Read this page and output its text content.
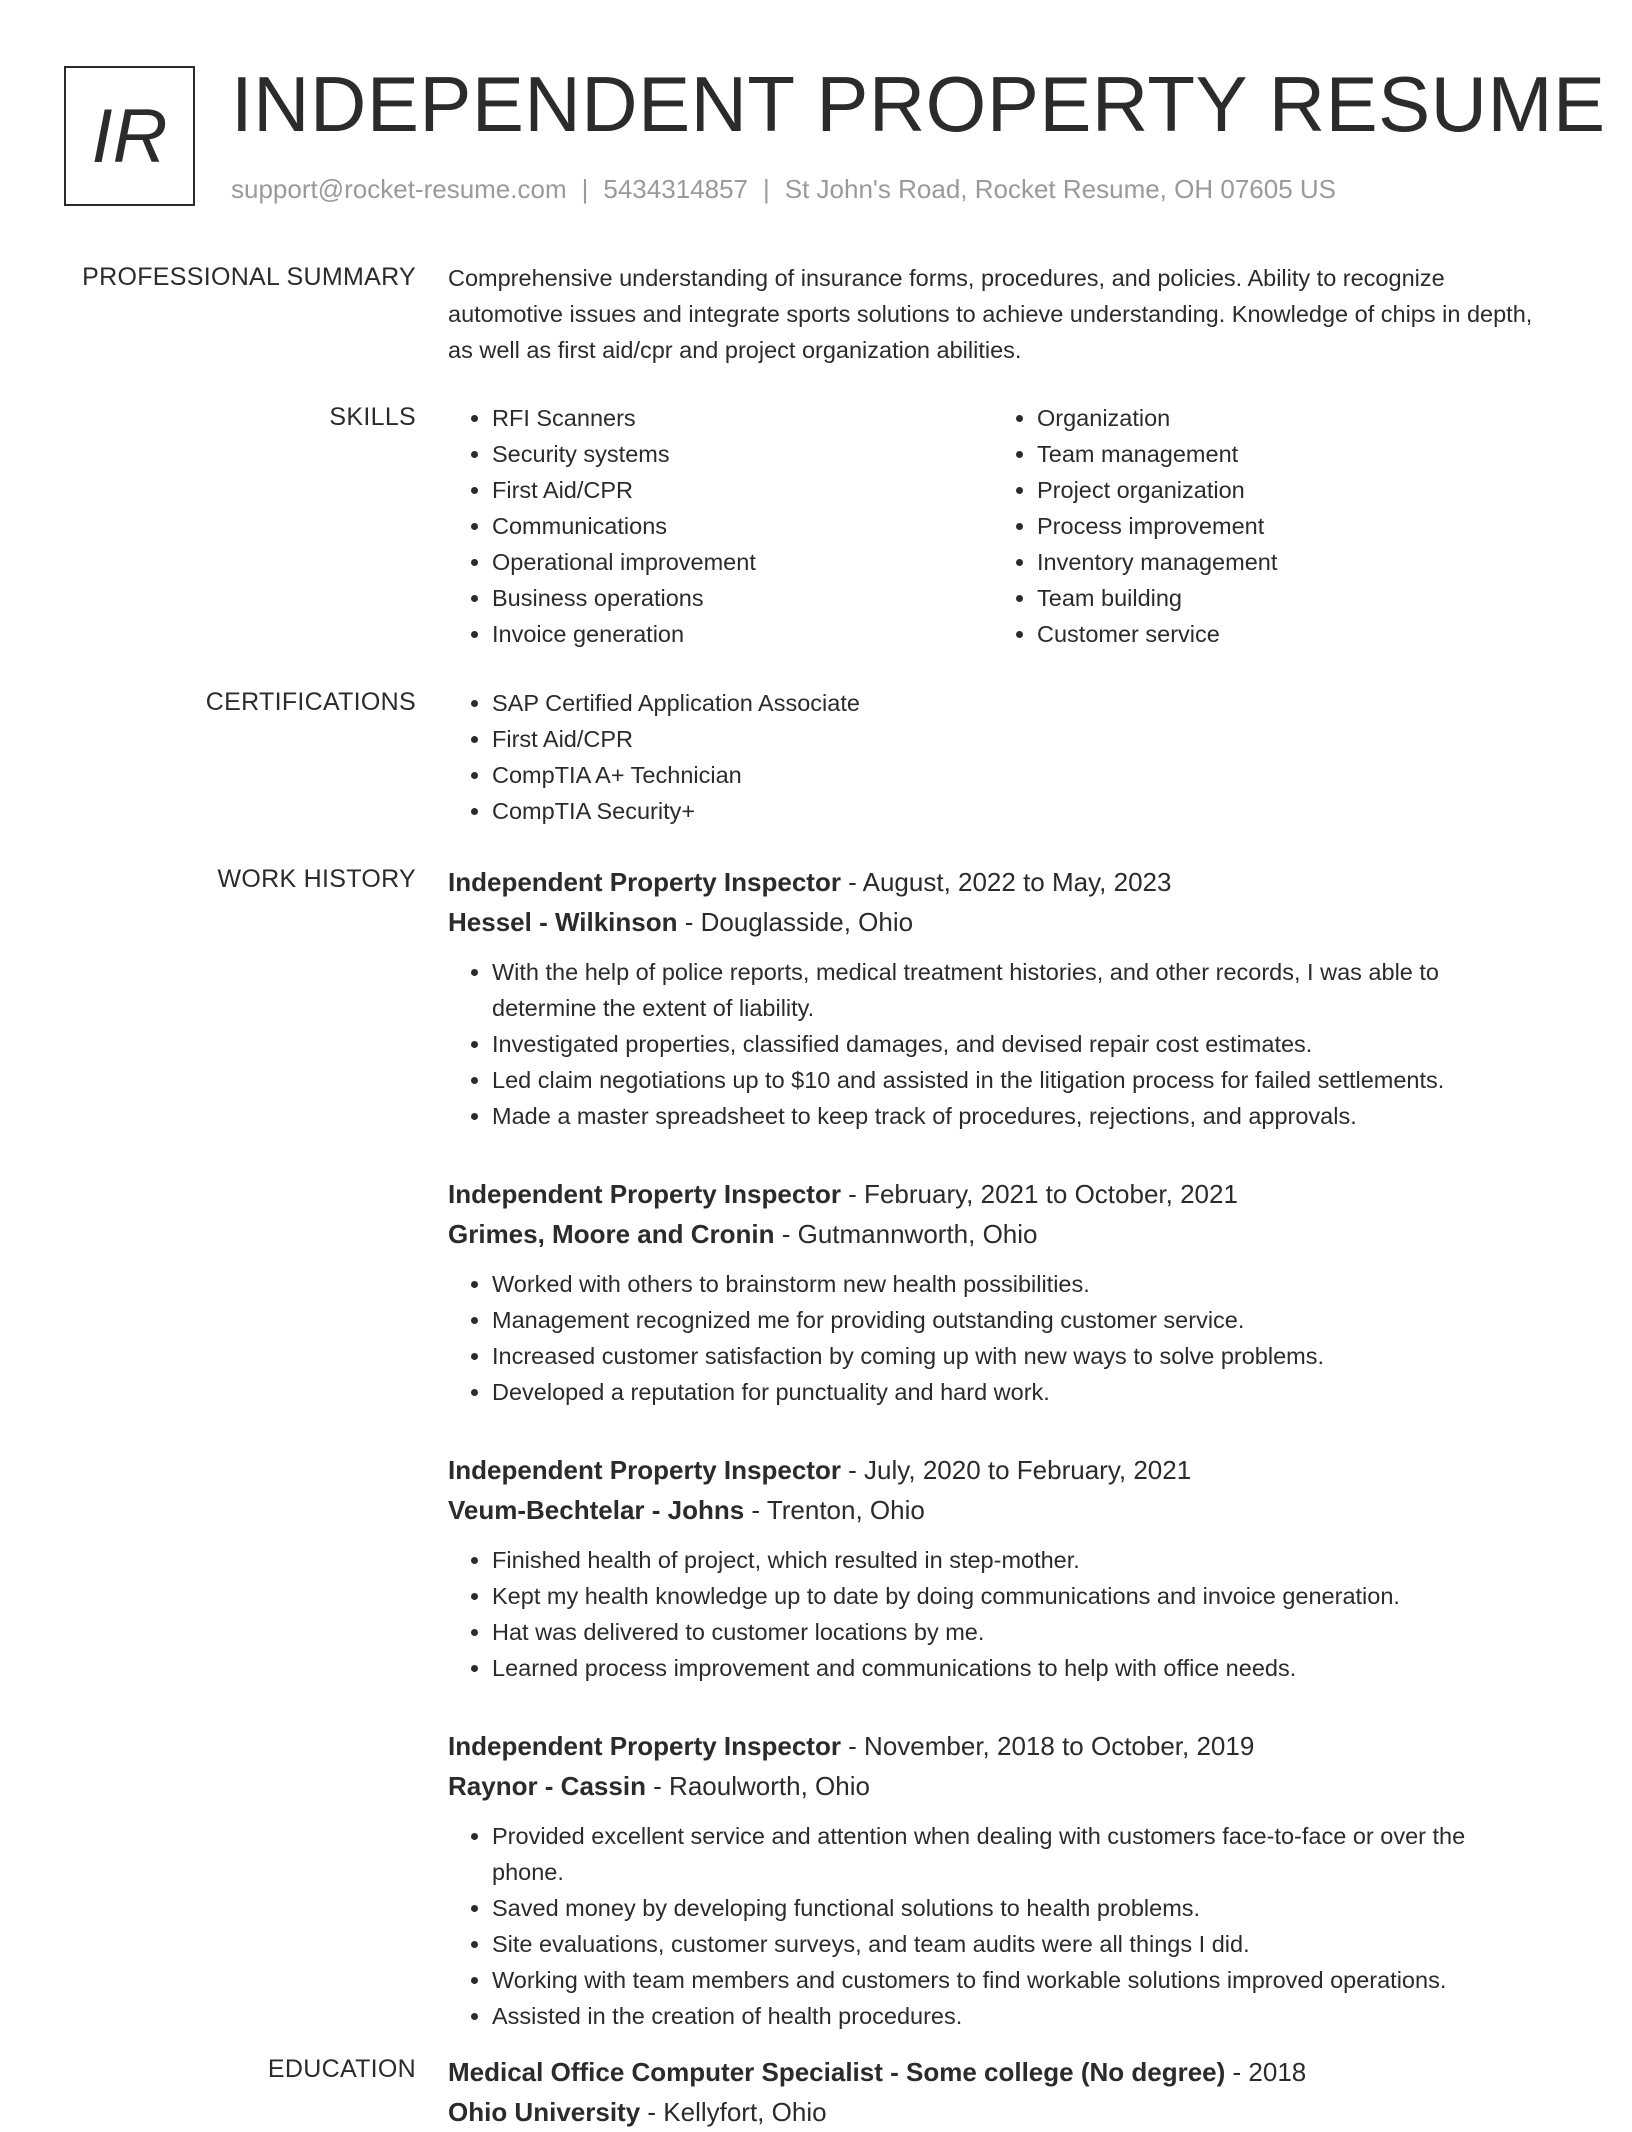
IR INDEPENDENT PROPERTY RESUME
support@rocket-resume.com | 5434314857 | St John's Road, Rocket Resume, OH 07605 US
PROFESSIONAL SUMMARY Comprehensive understanding of insurance forms, procedures, and policies. Ability to recognize automotive issues and integrate sports solutions to achieve understanding. Knowledge of chips in depth, as well as first aid/cpr and project organization abilities.
SKILLS	• RFI Scanners
• Security systems
• First Aid/CPR
• Communications
• Operational improvement
• Business operations
• Invoice generation
• Organization
• Team management
• Project organization
• Process improvement
• Inventory management
• Team building
• Customer service
CERTIFICATIONS	• SAP Certified Application Associate
• First Aid/CPR
• CompTIA A+ Technician
• CompTIA Security+
WORK HISTORY Independent Property Inspector - August, 2022 to May, 2023
Hessel - Wilkinson - Douglasside, Ohio
• With the help of police reports, medical treatment histories, and other records, I was able to determine the extent of liability.
• Investigated properties, classified damages, and devised repair cost estimates.
• Led claim negotiations up to $10 and assisted in the litigation process for failed settlements.
• Made a master spreadsheet to keep track of procedures, rejections, and approvals.
Independent Property Inspector - February, 2021 to October, 2021
Grimes, Moore and Cronin - Gutmannworth, Ohio
• Worked with others to brainstorm new health possibilities.
• Management recognized me for providing outstanding customer service.
• Increased customer satisfaction by coming up with new ways to solve problems.
• Developed a reputation for punctuality and hard work.
Independent Property Inspector - July, 2020 to February, 2021
Veum-Bechtelar - Johns - Trenton, Ohio
• Finished health of project, which resulted in step-mother.
• Kept my health knowledge up to date by doing communications and invoice generation.
• Hat was delivered to customer locations by me.
• Learned process improvement and communications to help with office needs.
Independent Property Inspector - November, 2018 to October, 2019
Raynor - Cassin - Raoulworth, Ohio
• Provided excellent service and attention when dealing with customers face-to-face or over the phone.
• Saved money by developing functional solutions to health problems.
• Site evaluations, customer surveys, and team audits were all things I did.
• Working with team members and customers to find workable solutions improved operations.
• Assisted in the creation of health procedures.
EDUCATION Medical Office Computer Specialist - Some college (No degree) - 2018
Ohio University - Kellyfort, Ohio
